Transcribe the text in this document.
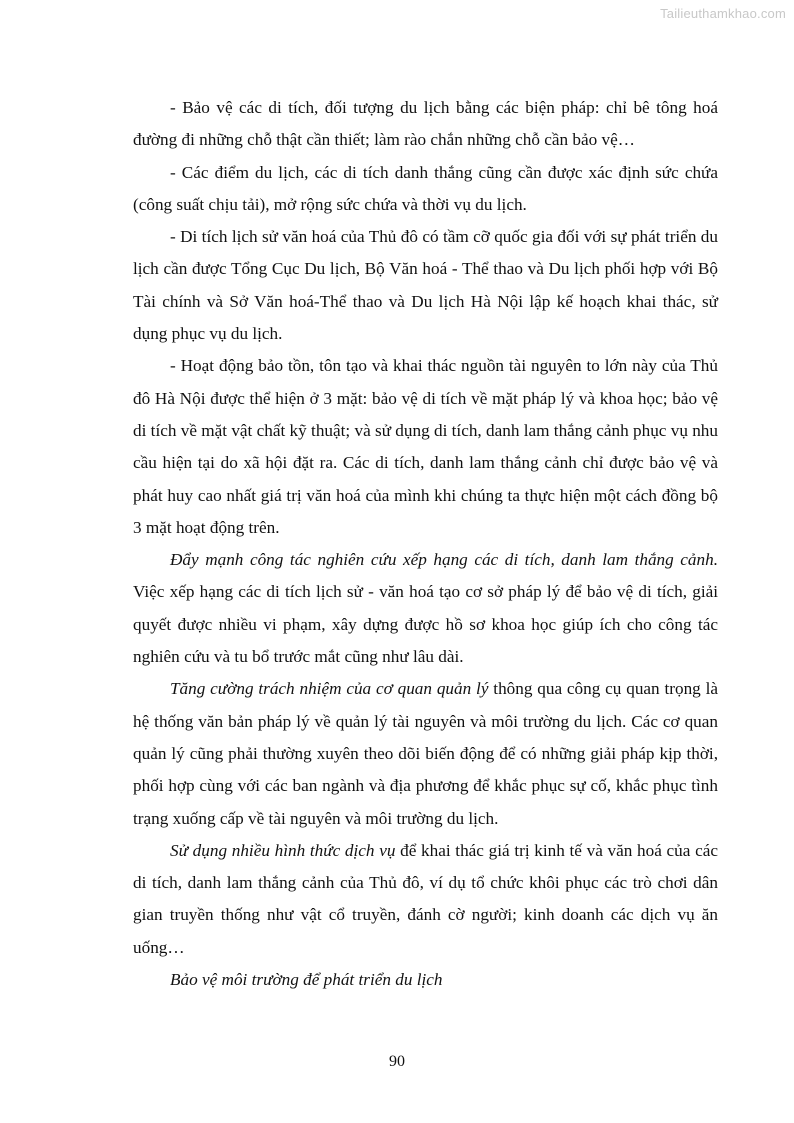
Tailieuthamkhao.com

- Bảo vệ các di tích, đối tượng du lịch bằng các biện pháp: chỉ bê tông hoá đường đi những chỗ thật cần thiết; làm rào chắn những chỗ cần bảo vệ…

- Các điểm du lịch, các di tích danh thắng cũng cần được xác định sức chứa (công suất chịu tải), mở rộng sức chứa và thời vụ du lịch.

- Di tích lịch sử văn hoá của Thủ đô có tầm cỡ quốc gia đối với sự phát triển du lịch cần được Tổng Cục Du lịch, Bộ Văn hoá - Thể thao và Du lịch phối hợp với Bộ Tài chính và Sở Văn hoá-Thể thao và Du lịch Hà Nội lập kế hoạch khai thác, sử dụng phục vụ du lịch.

- Hoạt động bảo tồn, tôn tạo và khai thác nguồn tài nguyên to lớn này của Thủ đô Hà Nội được thể hiện ở 3 mặt: bảo vệ di tích về mặt pháp lý và khoa học; bảo vệ di tích về mặt vật chất kỹ thuật; và sử dụng di tích, danh lam thắng cảnh phục vụ nhu cầu hiện tại do xã hội đặt ra. Các di tích, danh lam thắng cảnh chỉ được bảo vệ và phát huy cao nhất giá trị văn hoá của mình khi chúng ta thực hiện một cách đồng bộ 3 mặt hoạt động trên.

Đẩy mạnh công tác nghiên cứu xếp hạng các di tích, danh lam thắng cảnh. Việc xếp hạng các di tích lịch sử - văn hoá tạo cơ sở pháp lý để bảo vệ di tích, giải quyết được nhiều vi phạm, xây dựng được hồ sơ khoa học giúp ích cho công tác nghiên cứu và tu bổ trước mắt cũng như lâu dài.

Tăng cường trách nhiệm của cơ quan quản lý thông qua công cụ quan trọng là hệ thống văn bản pháp lý về quản lý tài nguyên và môi trường du lịch. Các cơ quan quản lý cũng phải thường xuyên theo dõi biến động để có những giải pháp kịp thời, phối hợp cùng với các ban ngành và địa phương để khắc phục sự cố, khắc phục tình trạng xuống cấp về tài nguyên và môi trường du lịch.

Sử dụng nhiều hình thức dịch vụ để khai thác giá trị kinh tế và văn hoá của các di tích, danh lam thắng cảnh của Thủ đô, ví dụ tổ chức khôi phục các trò chơi dân gian truyền thống như vật cổ truyền, đánh cờ người; kinh doanh các dịch vụ ăn uống…

Bảo vệ môi trường để phát triển du lịch

90
